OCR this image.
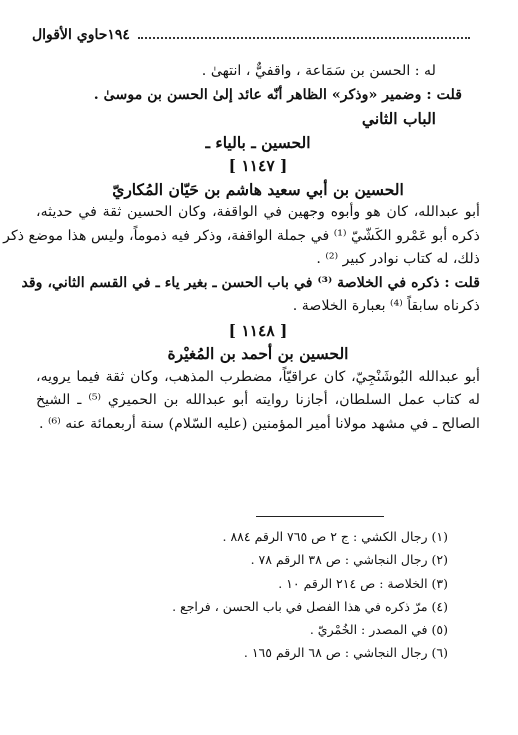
حاوي الأقوال ١٩٤

له : الحسن بن سَمَاعة ، واقفيٌّ ، انتهىٰ .

قلت : وضمير «وذكر» الظاهر أنّه عائد إلىٰ الحسن بن موسىٰ .

الباب الثاني

الحسين ـ بالياء ـ

[ ١١٤٧ ]

الحسين بن أبي سعيد هاشم بن حَيّان المُكاريّ

أبو عبدالله، كان هو وأبوه وجهين في الواقفة، وكان الحسين ثقة في حديثه،

ذكره أبو عَمْرو الكَشّيّ ⁽¹⁾ في جملة الواقفة، وذكر فيه ذموماً، وليس هذا موضع ذكر

ذلك، له كتاب نوادر كبير ⁽²⁾ .

قلت : ذكره في الخلاصة ⁽³⁾ في باب الحسن ـ بغير ياء ـ في القسم الثاني، وقد

ذكرناه سابقاً ⁽⁴⁾ بعبارة الخلاصة .

[ ١١٤٨ ]

الحسين بن أحمد بن المُغيْرة

أبو عبدالله البُوشَنْجِيّ، كان عراقيّاً، مضطرب المذهب، وكان ثقة فيما يرويه،

له كتاب عمل السلطان، أجازنا روايته أبو عبدالله بن الحميري ⁽⁵⁾ ـ الشيخ

الصالح ـ في مشهد مولانا أمير المؤمنين (عليه السّلام) سنة أربعمائة عنه ⁽⁶⁾ .

(١) رجال الكشي : ج ٢ ص ٧٦٥ الرقم ٨٨٤ .

(٢) رجال النجاشي : ص ٣٨ الرقم ٧٨ .

(٣) الخلاصة : ص ٢١٤ الرقم ١٠ .

(٤) مرّ ذكره في هذا الفصل في باب الحسن ، فراجع .

(٥) في المصدر : الخُمْريّ .

(٦) رجال النجاشي : ص ٦٨ الرقم ١٦٥ .
